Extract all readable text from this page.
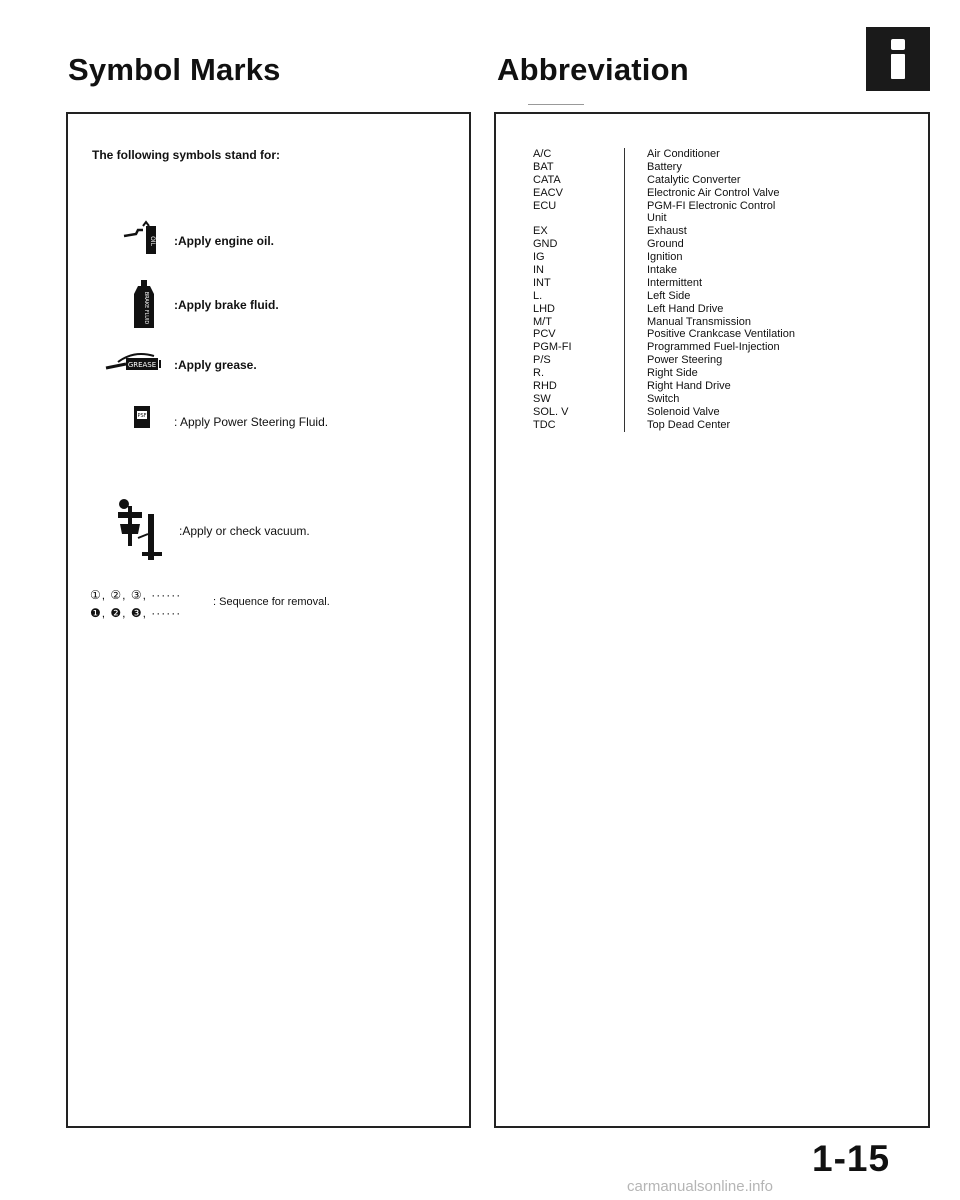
Symbol Marks	Abbreviation
The following symbols stand for:
OIL :Apply engine oil.
BRAKE FLUID :Apply brake fluid.
GREASE :Apply grease.
PSF : Apply Power Steering Fluid.
:Apply or check vacuum.
①, ②, ③, ······
❶, ❷, ❸, ······
: Sequence for removal.
A/C
BAT
CATA
EACV
ECU
EX
GND
IG
IN
INT
L.
LHD
M/T
PCV
PGM-FI
P/S
R.
RHD
SW
SOL. V
TDC
Air Conditioner
Battery
Catalytic Converter
Electronic Air Control Valve
PGM-FI Electronic Control
Unit
Exhaust
Ground
Ignition
Intake
Intermittent
Left Side
Left Hand Drive
Manual Transmission
Positive Crankcase Ventilation
Programmed Fuel-Injection
Power Steering
Right Side
Right Hand Drive
Switch
Solenoid Valve
Top Dead Center
1-15
carmanualsonline.info
